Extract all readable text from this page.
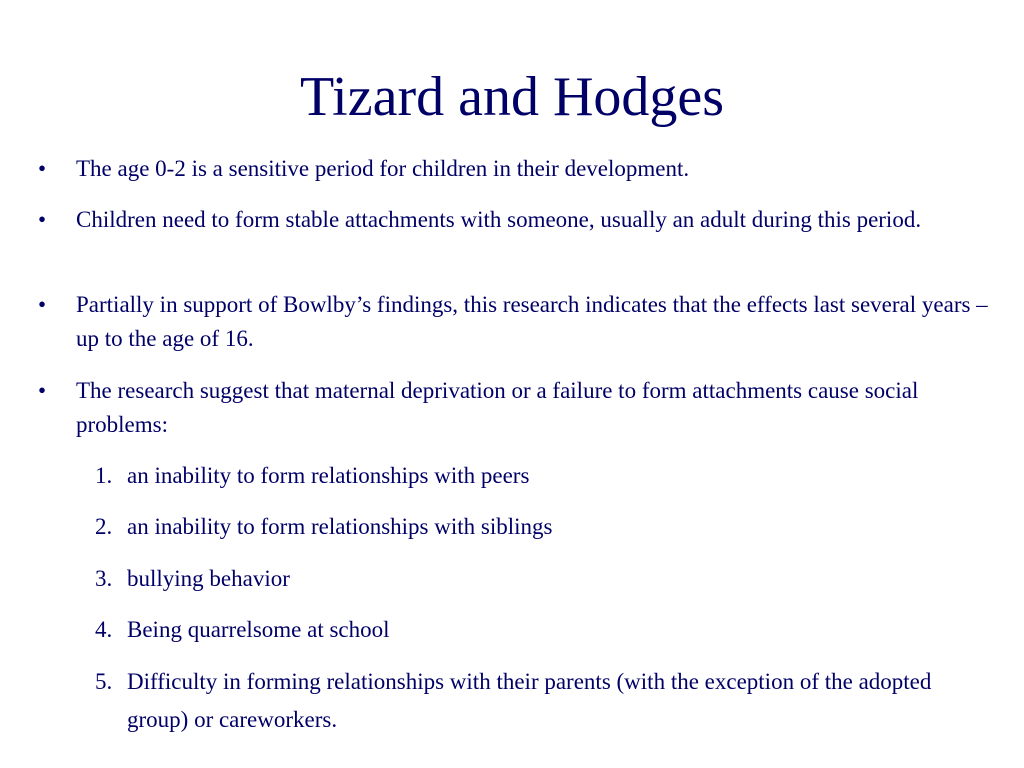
Tizard and Hodges
•	The age 0-2 is a sensitive period for children in their development.
•	Children need to form stable attachments with someone, usually an adult during this period.
•	Partially in support of Bowlby’s findings, this research indicates that the effects last several years – up to the age of 16.
•	The research suggest that maternal deprivation or a failure to form attachments cause social problems:
1. an inability to form relationships with peers
2. an inability to form relationships with siblings
3. bullying behavior
4. Being quarrelsome at school
5. Difficulty in forming relationships with their parents (with the exception of the adopted group) or careworkers.
